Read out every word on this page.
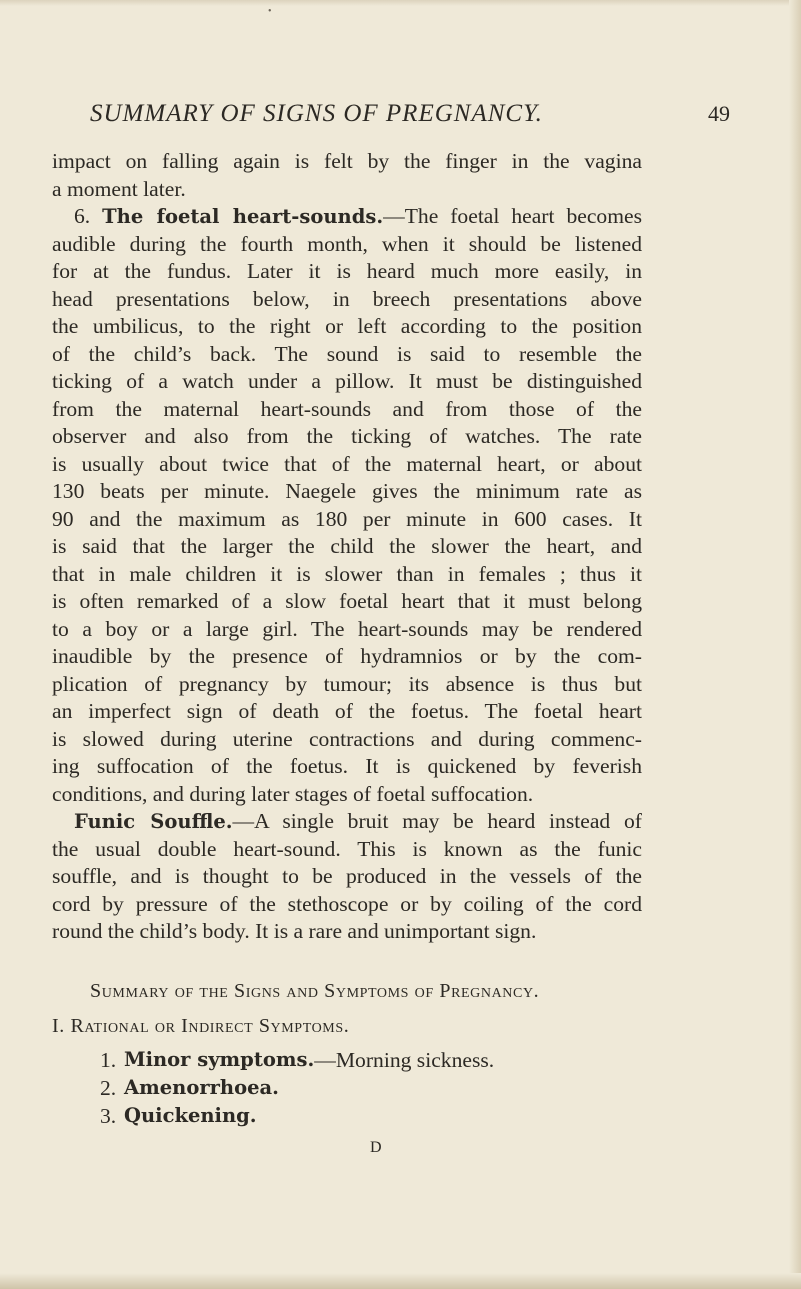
•
SUMMARY OF SIGNS OF PREGNANCY.	49

impact on falling again is felt by the finger in the vagina

a moment later.

6. The foetal heart-sounds.—The foetal heart becomes

audible during the fourth month, when it should be listened

for at the fundus. Later it is heard much more easily, in

head presentations below, in breech presentations above

the umbilicus, to the right or left according to the position

of the child’s back. The sound is said to resemble the

ticking of a watch under a pillow. It must be distinguished

from the maternal heart-sounds and from those of the

observer and also from the ticking of watches. The rate

is usually about twice that of the maternal heart, or about

130 beats per minute. Naegele gives the minimum rate as

90 and the maximum as 180 per minute in 600 cases. It

is said that the larger the child the slower the heart, and

that in male children it is slower than in females ; thus it

is often remarked of a slow foetal heart that it must belong

to a boy or a large girl. The heart-sounds may be rendered

inaudible by the presence of hydramnios or by the com-

plication of pregnancy by tumour; its absence is thus but

an imperfect sign of death of the foetus. The foetal heart

is slowed during uterine contractions and during commenc-

ing suffocation of the foetus. It is quickened by feverish

conditions, and during later stages of foetal suffocation.

Funic Souffle.—A single bruit may be heard instead of

the usual double heart-sound. This is known as the funic

souffle, and is thought to be produced in the vessels of the

cord by pressure of the stethoscope or by coiling of the cord

round the child’s body. It is a rare and unimportant sign.

Summary of the Signs and Symptoms of Pregnancy.
I. Rational or Indirect Symptoms.
1. Minor symptoms. —Morning sickness.
2. Amenorrhoea.
3. Quickening.
D
